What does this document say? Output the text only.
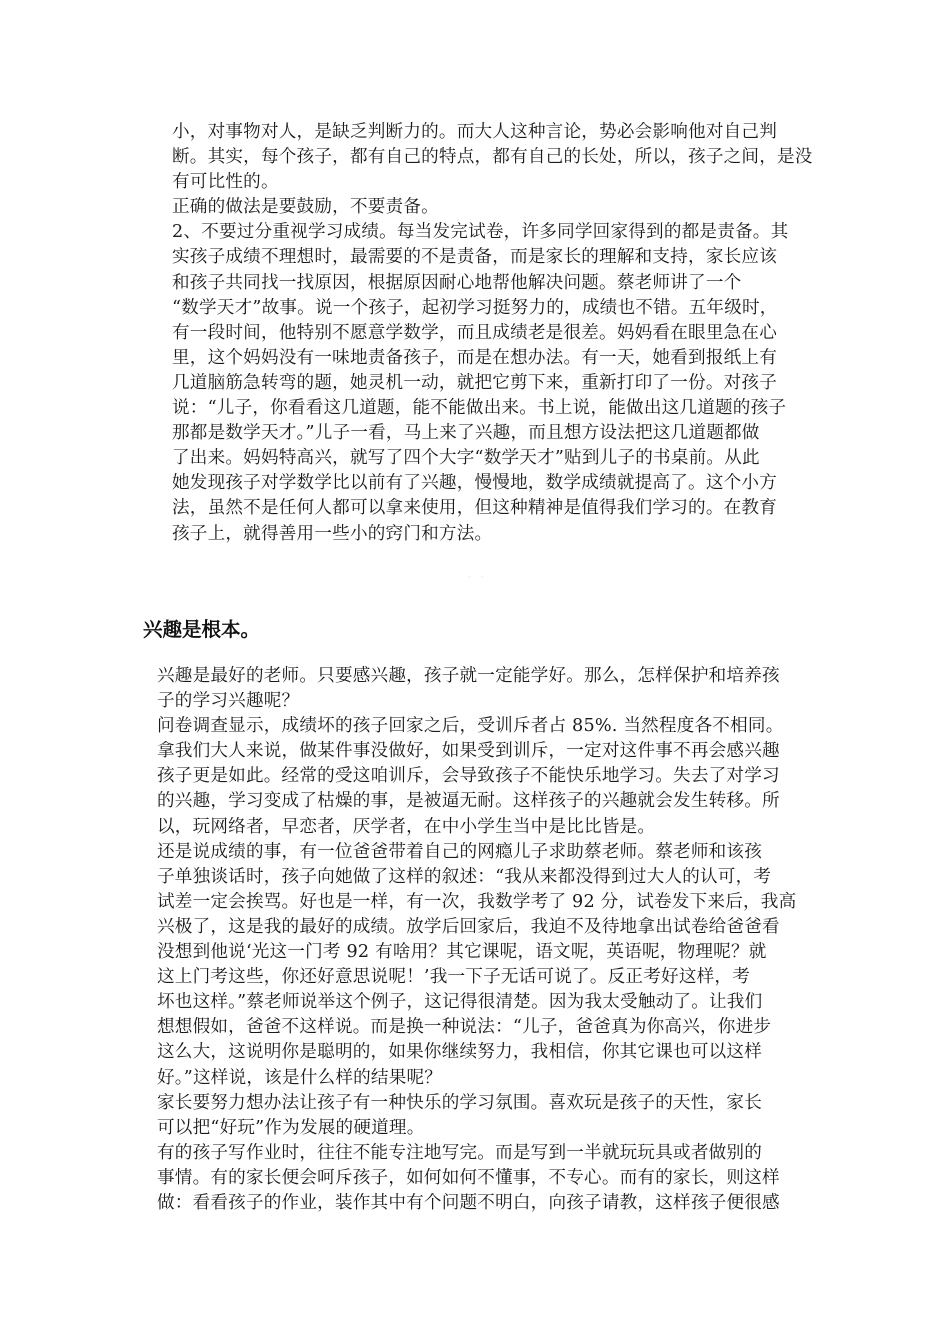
小，对事物对人，是缺乏判断力的。而大人这种言论，势必会影响他对自己判
断。其实，每个孩子，都有自己的特点，都有自己的长处，所以，孩子之间，是没
有可比性的。
正确的做法是要鼓励，不要责备。
2、不要过分重视学习成绩。每当发完试卷，许多同学回家得到的都是责备。其
实孩子成绩不理想时，最需要的不是责备，而是家长的理解和支持，家长应该
和孩子共同找一找原因，根据原因耐心地帮他解决问题。蔡老师讲了一个
“数学天才”故事。说一个孩子，起初学习挺努力的，成绩也不错。五年级时，
有一段时间，他特别不愿意学数学，而且成绩老是很差。妈妈看在眼里急在心
里，这个妈妈没有一味地责备孩子，而是在想办法。有一天，她看到报纸上有
几道脑筋急转弯的题，她灵机一动，就把它剪下来，重新打印了一份。对孩子
说：“儿子，你看看这几道题，能不能做出来。书上说，能做出这几道题的孩子
那都是数学天才。”儿子一看，马上来了兴趣，而且想方设法把这几道题都做
了出来。妈妈特高兴，就写了四个大字“数学天才”贴到儿子的书桌前。从此
她发现孩子对学数学比以前有了兴趣，慢慢地，数学成绩就提高了。这个小方
法，虽然不是任何人都可以拿来使用，但这种精神是值得我们学习的。在教育
孩子上，就得善用一些小的窍门和方法。
- -
兴趣是根本。
兴趣是最好的老师。只要感兴趣，孩子就一定能学好。那么，怎样保护和培养孩
子的学习兴趣呢？
问卷调查显示，成绩坏的孩子回家之后，受训斥者占 85%. 当然程度各不相同。
拿我们大人来说，做某件事没做好，如果受到训斥，一定对这件事不再会感兴趣
孩子更是如此。经常的受这咱训斥，会导致孩子不能快乐地学习。失去了对学习
的兴趣，学习变成了枯燥的事，是被逼无耐。这样孩子的兴趣就会发生转移。所
以，玩网络者，早恋者，厌学者，在中小学生当中是比比皆是。
还是说成绩的事，有一位爸爸带着自己的网瘾儿子求助蔡老师。蔡老师和该孩
子单独谈话时，孩子向她做了这样的叙述：“我从来都没得到过大人的认可，考
试差一定会挨骂。好也是一样，有一次，我数学考了 92 分，试卷发下来后，我高
兴极了，这是我的最好的成绩。放学后回家后，我迫不及待地拿出试卷给爸爸看
没想到他说‘光这一门考 92 有啥用？其它课呢，语文呢，英语呢，物理呢？就
这上门考这些，你还好意思说呢！’我一下子无话可说了。反正考好这样，考
坏也这样。”蔡老师说举这个例子，这记得很清楚。因为我太受触动了。让我们
想想假如，爸爸不这样说。而是换一种说法：“儿子，爸爸真为你高兴，你进步
这么大，这说明你是聪明的，如果你继续努力，我相信，你其它课也可以这样
好。”这样说，该是什么样的结果呢？
家长要努力想办法让孩子有一种快乐的学习氛围。喜欢玩是孩子的天性，家长
可以把“好玩”作为发展的硬道理。
有的孩子写作业时，往往不能专注地写完。而是写到一半就玩玩具或者做别的
事情。有的家长便会呵斥孩子，如何如何不懂事，不专心。而有的家长，则这样
做：看看孩子的作业，装作其中有个问题不明白，向孩子请教，这样孩子便很感
